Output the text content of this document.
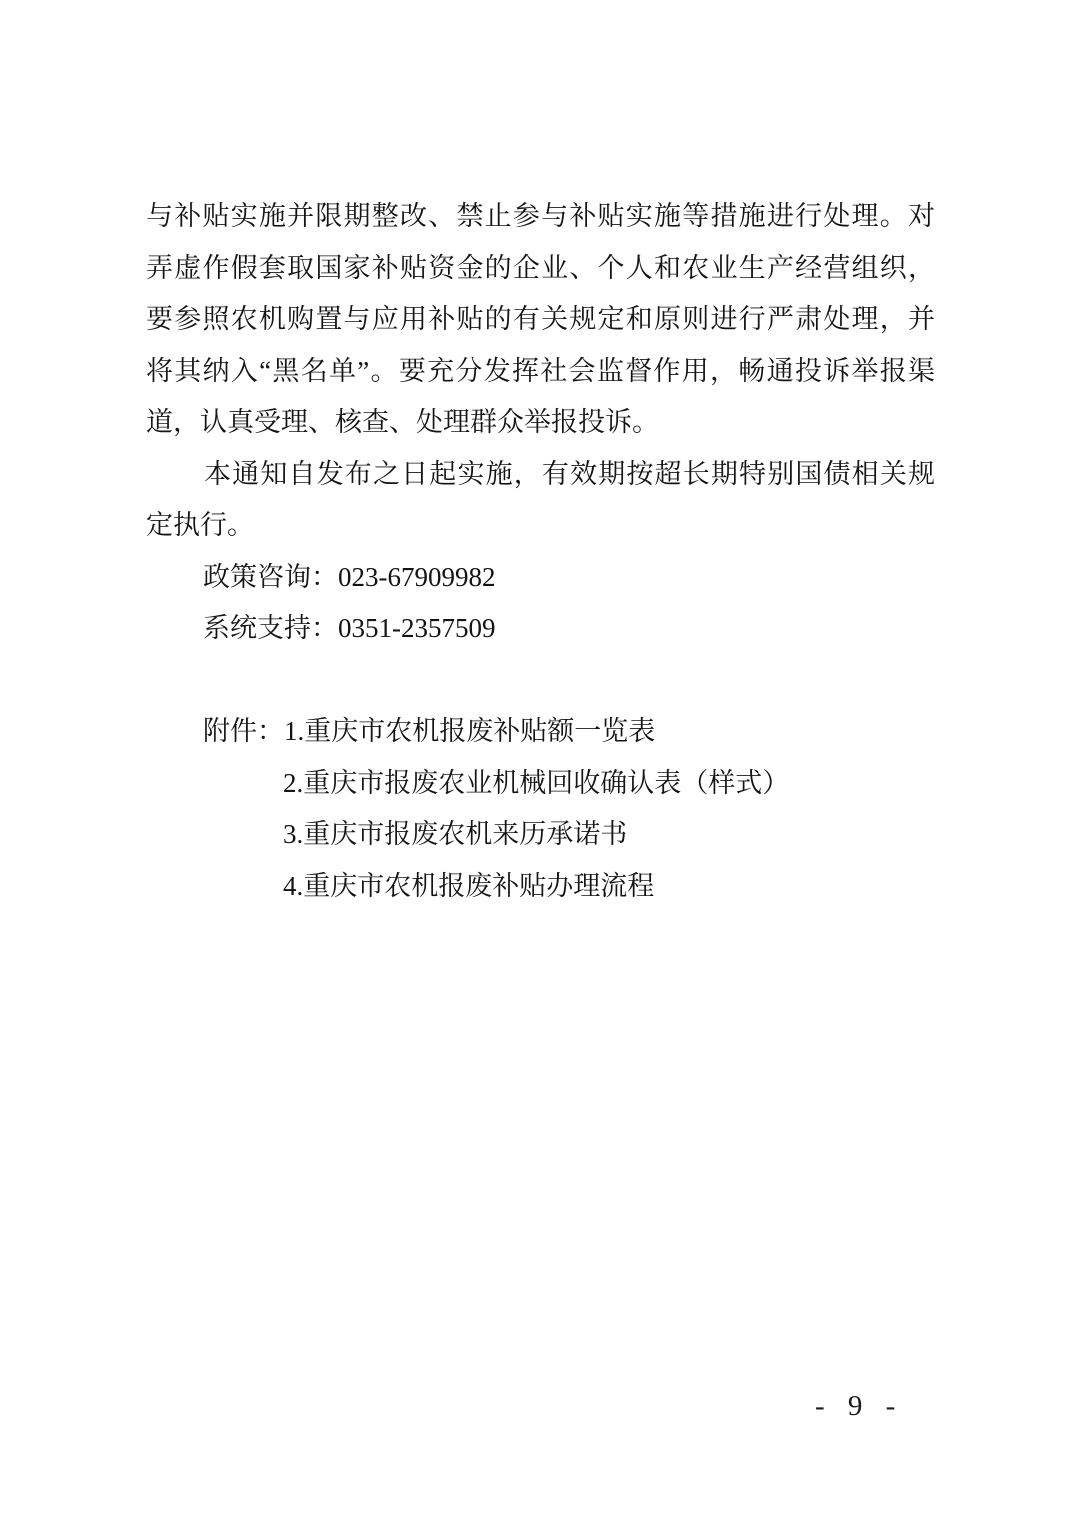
与补贴实施并限期整改、禁止参与补贴实施等措施进行处理。对
弄虚作假套取国家补贴资金的企业、个人和农业生产经营组织，
要参照农机购置与应用补贴的有关规定和原则进行严肃处理，并
将其纳入“黑名单”。要充分发挥社会监督作用，畅通投诉举报渠
道，认真受理、核查、处理群众举报投诉。
本通知自发布之日起实施，有效期按超长期特别国债相关规
定执行。
政策咨询：023-67909982
系统支持：0351-2357509
附件：1.重庆市农机报废补贴额一览表
2.重庆市报废农业机械回收确认表（样式）
3.重庆市报废农机来历承诺书
4.重庆市农机报废补贴办理流程
- 9 -
